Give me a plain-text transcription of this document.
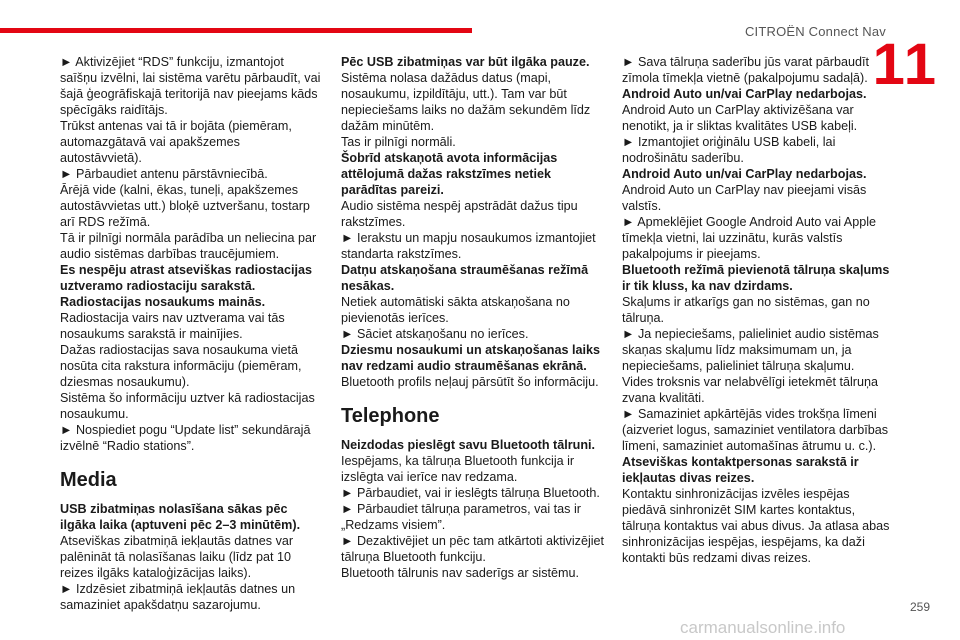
CITROËN Connect Nav
11

► Aktivizējiet “RDS” funkciju, izmantojot saīšņu izvēlni, lai sistēma varētu pārbaudīt, vai šajā ģeogrāfiskajā teritorijā nav pieejams kāds spēcīgāks raidītājs.

Trūkst antenas vai tā ir bojāta (piemēram, automazgātavā vai apakšzemes autostāvvietā).

► Pārbaudiet antenu pārstāvniecībā.

Ārējā vide (kalni, ēkas, tuneļi, apakšzemes autostāvvietas utt.) bloķē uztveršanu, tostarp arī RDS režīmā.

Tā ir pilnīgi normāla parādība un neliecina par audio sistēmas darbības traucējumiem.

Es nespēju atrast atseviškas radiostacijas uztveramo radiostaciju sarakstā.

Radiostacijas nosaukums mainās.

Radiostacija vairs nav uztverama vai tās nosaukums sarakstā ir mainījies.

Dažas radiostacijas sava nosaukuma vietā nosūta cita rakstura informāciju (piemēram, dziesmas nosaukumu).

Sistēma šo informāciju uztver kā radiostacijas nosaukumu.

► Nospiediet pogu “Update list” sekundārajā izvēlnē “Radio stations”.

Media

USB zibatmiņas nolasīšana sākas pēc ilgāka laika (aptuveni pēc 2–3 minūtēm).

Atseviškas zibatmiņā iekļautās datnes var palēnināt tā nolasīšanas laiku (līdz pat 10 reizes ilgāks kataloģizācijas laiks).

► Izdzēsiet zibatmiņā iekļautās datnes un samaziniet apakšdatņu sazarojumu.

Pēc USB zibatmiņas var būt ilgāka pauze.

Sistēma nolasa dažādus datus (mapi, nosaukumu, izpildītāju, utt.). Tam var būt nepieciešams laiks no dažām sekundēm līdz dažām minūtēm.

Tas ir pilnīgi normāli.

Šobrīd atskaņotā avota informācijas attēlojumā dažas rakstzīmes netiek parādītas pareizi.

Audio sistēma nespēj apstrādāt dažus tipu rakstzīmes.

► Ierakstu un mapju nosaukumos izmantojiet standarta rakstzīmes.

Datņu atskaņošana straumēšanas režīmā nesākas.

Netiek automātiski sākta atskaņošana no pievienotās ierīces.

► Sāciet atskaņošanu no ierīces.

Dziesmu nosaukumi un atskaņošanas laiks nav redzami audio straumēšanas ekrānā.

Bluetooth profils neļauj pārsūtīt šo informāciju.

Telephone

Neizdodas pieslēgt savu Bluetooth tālruni.

Iespējams, ka tālruņa Bluetooth funkcija ir izslēgta vai ierīce nav redzama.

► Pārbaudiet, vai ir ieslēgts tālruņa Bluetooth.

► Pārbaudiet tālruņa parametros, vai tas ir „Redzams visiem”.

► Dezaktivējiet un pēc tam atkārtoti aktivizējiet tālruņa Bluetooth funkciju.

Bluetooth tālrunis nav saderīgs ar sistēmu.

► Sava tālruņa saderību jūs varat pārbaudīt zīmola tīmekļa vietnē (pakalpojumu sadaļā).

Android Auto un/vai CarPlay nedarbojas.

Android Auto un CarPlay aktivizēšana var nenotikt, ja ir sliktas kvalitātes USB kabeļi.

► Izmantojiet oriģinālu USB kabeli, lai nodrošinātu saderību.

Android Auto un/vai CarPlay nedarbojas.

Android Auto un CarPlay nav pieejami visās valstīs.

► Apmeklējiet Google Android Auto vai Apple tīmekļa vietni, lai uzzinātu, kurās valstīs pakalpojums ir pieejams.

Bluetooth režīmā pievienotā tālruņa skaļums ir tik kluss, ka nav dzirdams.

Skaļums ir atkarīgs gan no sistēmas, gan no tālruņa.

► Ja nepieciešams, palieliniet audio sistēmas skaņas skaļumu līdz maksimumam un, ja nepieciešams, palieliniet tālruņa skaļumu.

Vides troksnis var nelabvēlīgi ietekmēt tālruņa zvana kvalitāti.

► Samaziniet apkārtējās vides trokšņa līmeni (aizveriet logus, samaziniet ventilatora darbības līmeni, samaziniet automašīnas ātrumu u. c.).

Atseviškas kontaktpersonas sarakstā ir iekļautas divas reizes.

Kontaktu sinhronizācijas izvēles iespējas piedāvā sinhronizēt SIM kartes kontaktus, tālruņa kontaktus vai abus divus. Ja atlasa abas sinhronizācijas iespējas, iespējams, ka daži kontakti būs redzami divas reizes.

259
carmanualsonline.info
